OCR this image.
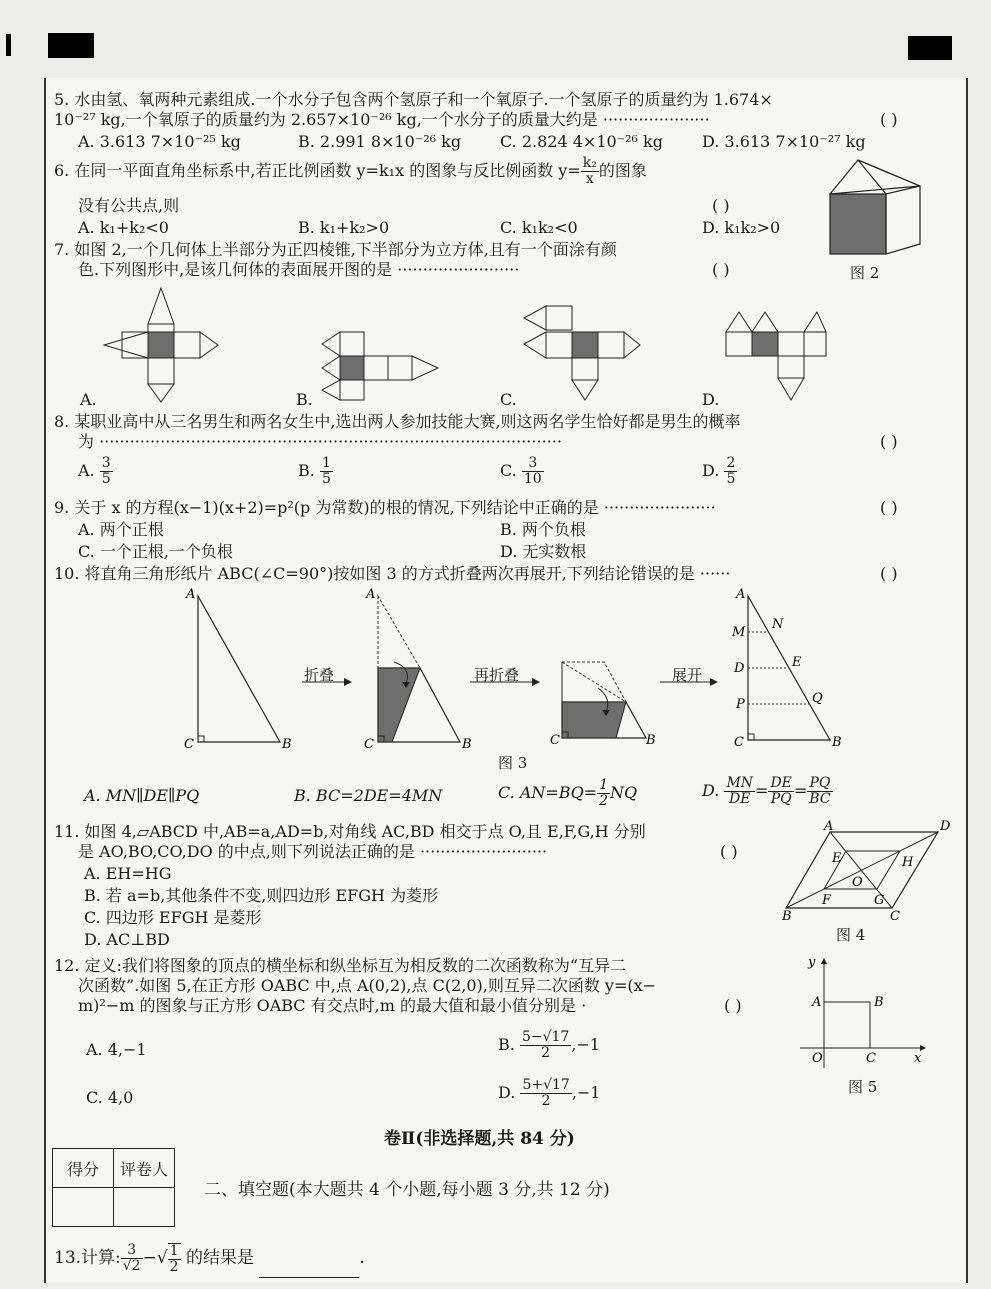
5. 水由氢、氧两种元素组成.一个水分子包含两个氢原子和一个氧原子.一个氢原子的质量约为 1.674×
10⁻²⁷ kg,一个氧原子的质量约为 2.657×10⁻²⁶ kg,一个水分子的质量大约是 ·····················	( )
A. 3.613 7×10⁻²⁵ kg	B. 2.991 8×10⁻²⁶ kg C. 2.824 4×10⁻²⁶ kg D. 3.613 7×10⁻²⁷ kg
6. 在同一平面直角坐标系中,若正比例函数 y=k₁x 的图象与反比例函数 $y= \frac{\text{k₂}}{x}$ 的图象
没有公共点,则	( )
A. k₁+k₂<0	B. k₁+k₂>0	C. k₁k₂<0	D. k₁k₂>0
图 2
7. 如图 2,一个几何体上半部分为正四棱锥,下半部分为立方体,且有一个面涂有颜
色.下列图形中,是该几何体的表面展开图的是 ························	( )
A.	B.	C.	D.
8. 某职业高中从三名男生和两名女生中,选出两人参加技能大赛,则这两名学生恰好都是男生的概率
为 ···························································································	( )
A. $\frac{3}{5}$	B. $\frac{1}{5}$	C. $\frac{3}{10}$	D. $\frac{2}{5}$
9. 关于 x 的方程(x−1)(x+2)=p²(p 为常数)的根的情况,下列结论中正确的是 ······················	( )
A. 两个正根	B. 两个负根
C. 一个正根,一个负根	D. 无实数根
10. 将直角三角形纸片 ABC(∠C=90°)按如图 3 的方式折叠两次再展开,下列结论错误的是 ······	( )
A
C	B
A
C	B	C	B
A
M
N
D	E
P	Q
C	B
折叠	再折叠	展开
图 3
A. MN∥DE∥PQ	B. BC=2DE=4MN	C. $AN=BQ= \frac{1}{2}$ NQ	D. $\frac{MN}{DE} = \frac{DE}{PQ} = \frac{PQ}{BC}$
11. 如图 4,▱ABCD 中,AB=a,AD=b,对角线 AC,BD 相交于点 O,且 E,F,G,H 分别
是 AO,BO,CO,DO 的中点,则下列说法正确的是 ·························	( )
A. EH=HG
B. 若 a=b,其他条件不变,则四边形 EFGH 为菱形
C. 四边形 EFGH 是菱形
D. AC⊥BD
A	D
B	C
E	H
O
F	G
图 4
12. 定义:我们将图象的顶点的横坐标和纵坐标互为相反数的二次函数称为“互异二
次函数”.如图 5,在正方形 OABC 中,点 A(0,2),点 C(2,0),则互异二次函数 y=(x−
m)²−m 的图象与正方形 OABC 有交点时,m 的最大值和最小值分别是 ·	( )
A. 4,−1	B. $\frac{5-√17}{2} ,-1$
C. 4,0	D. $\frac{5+√17}{2} ,-1$
y
A	B
O	C	x
图 5
卷Ⅱ(非选择题,共 84 分)
得分	评卷人

二、填空题(本大题共 4 个小题,每小题 3 分,共 12 分)
13.计算: $\frac{3}{√2}$ −√ $\frac{1}{2}$ 的结果是	.
